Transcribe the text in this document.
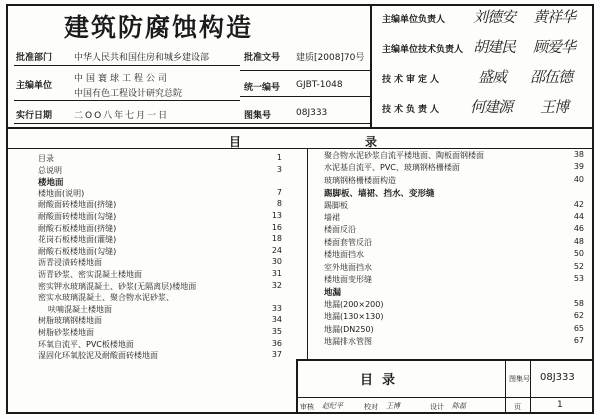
建筑防腐蚀构造
批准部门 中华人民共和国住房和城乡建设部	批准文号 建质[2008]70号
主编单位
中国寰球工程公司
中国有色工程设计研究总院
统一编号 GJBT-1048
实行日期 二OO八年七月一日	图集号	08J333
主编单位负责人 刘德安 黄祥华
主编单位技术负责人 胡建民 顾爱华
技术审定人 盛威 邵伍德
技术负责人 何建源 王博
目	录
目录	1
总说明	3
楼地面
楼地面(说明)	7
耐酸面砖楼地面(挤缝)	8
耐酸面砖楼地面(勾缝)	13
耐酸石板楼地面(挤缝)	16
花岗石板楼地面(灌缝)	18
耐酸石板楼地面(勾缝)	24
沥青浸渍砖楼地面	30
沥青砂浆、密实混凝土楼地面	31
密实钾水玻璃混凝土、砂浆(无隔离层)楼地面	32
密实水玻璃混凝土、聚合物水泥砂浆、
呋喃混凝土楼地面	33
树脂玻璃钢楼地面	34
树脂砂浆楼地面	35
环氧自流平、PVC板楼地面	36
湿固化环氧胶泥及耐酸面砖楼地面	37
聚合物水泥砂浆自流平楼地面、陶板面钢楼面	38
水泥基自流平、PVC、玻璃钢格栅楼面	39
玻璃钢格栅楼面构造	40
踢脚板、墙裙、挡水、变形缝
踢脚板	42
墙裙	44
楼面反沿	46
楼面套管反沿	48
楼地面挡水	50
室外地面挡水	52
楼地面变形缝	53
地漏
地漏(200×200)	58
地漏(130×130)	62
地漏(DN250)	65
地漏排水管图	67
目  录	图集号 08J333
审核 赵纪平	校对 王博	设计 陈磊	页	1
